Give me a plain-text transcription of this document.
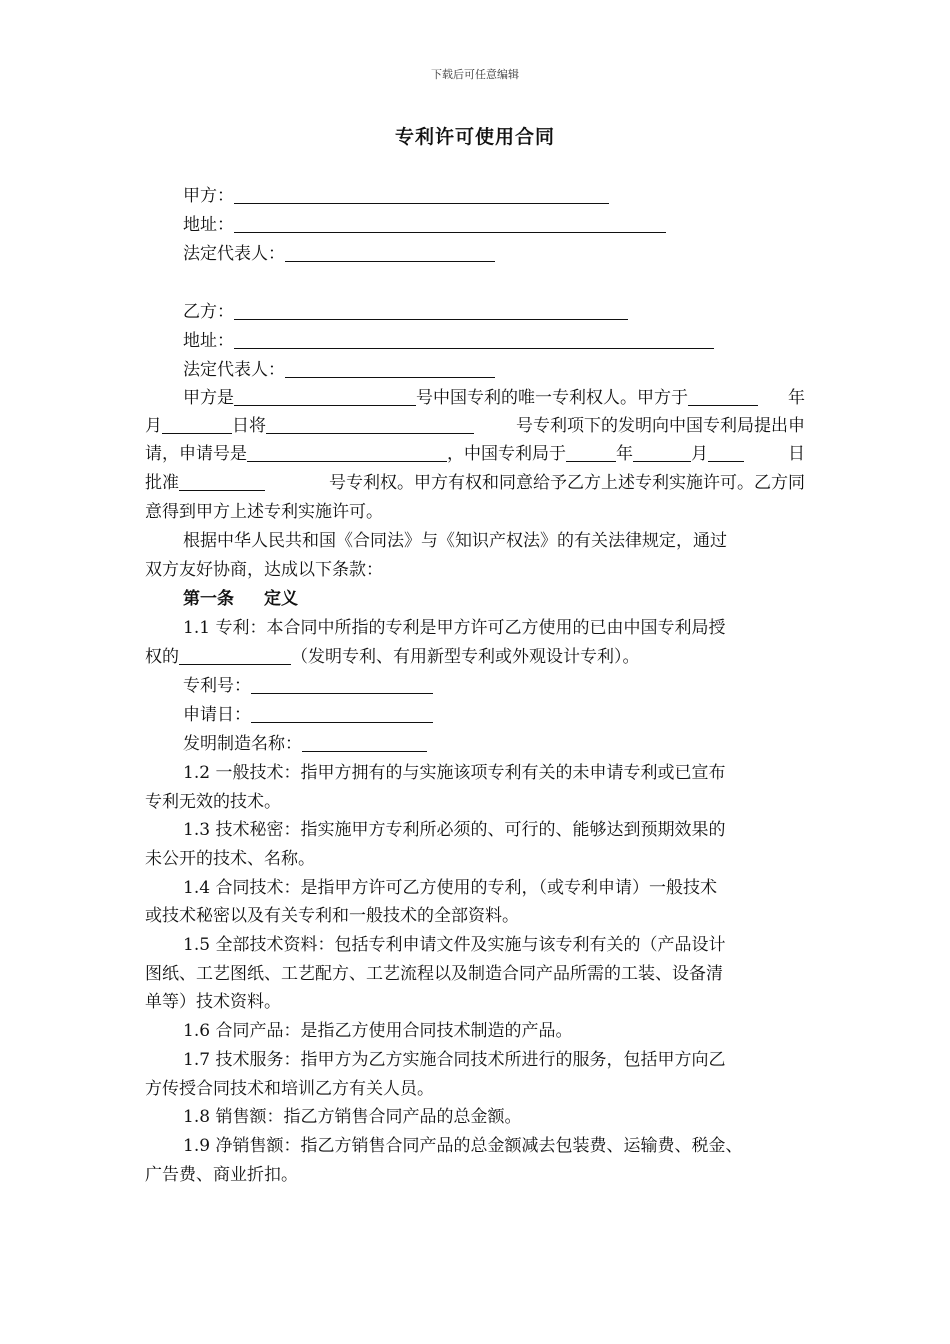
下载后可任意编辑
专利许可使用合同
甲方：
地址：
法定代表人：
乙方：
地址：
法定代表人：
甲方是	号中国专利的唯一专利权人。甲方于	年
月	日将	号专利项下的发明向中国专利局提出申
请，申请号是	，中国专利局于	年	月	日
批准	号专利权。甲方有权和同意给予乙方上述专利实施许可。乙方同
意得到甲方上述专利实施许可。
根据中华人民共和国《合同法》与《知识产权法》的有关法律规定，通过
双方友好协商，达成以下条款：
第一条 定义
1.1 专利：本合同中所指的专利是甲方许可乙方使用的已由中国专利局授
权的	（发明专利、有用新型专利或外观设计专利）。
专利号：
申请日：
发明制造名称：
1.2 一般技术：指甲方拥有的与实施该项专利有关的未申请专利或已宣布
专利无效的技术。
1.3 技术秘密：指实施甲方专利所必须的、可行的、能够达到预期效果的
未公开的技术、名称。
1.4 合同技术：是指甲方许可乙方使用的专利，（或专利申请）一般技术
或技术秘密以及有关专利和一般技术的全部资料。
1.5 全部技术资料：包括专利申请文件及实施与该专利有关的（产品设计
图纸、工艺图纸、工艺配方、工艺流程以及制造合同产品所需的工装、设备清
单等）技术资料。
1.6 合同产品：是指乙方使用合同技术制造的产品。
1.7 技术服务：指甲方为乙方实施合同技术所进行的服务，包括甲方向乙
方传授合同技术和培训乙方有关人员。
1.8 销售额：指乙方销售合同产品的总金额。
1.9 净销售额：指乙方销售合同产品的总金额减去包装费、运输费、税金、
广告费、商业折扣。
